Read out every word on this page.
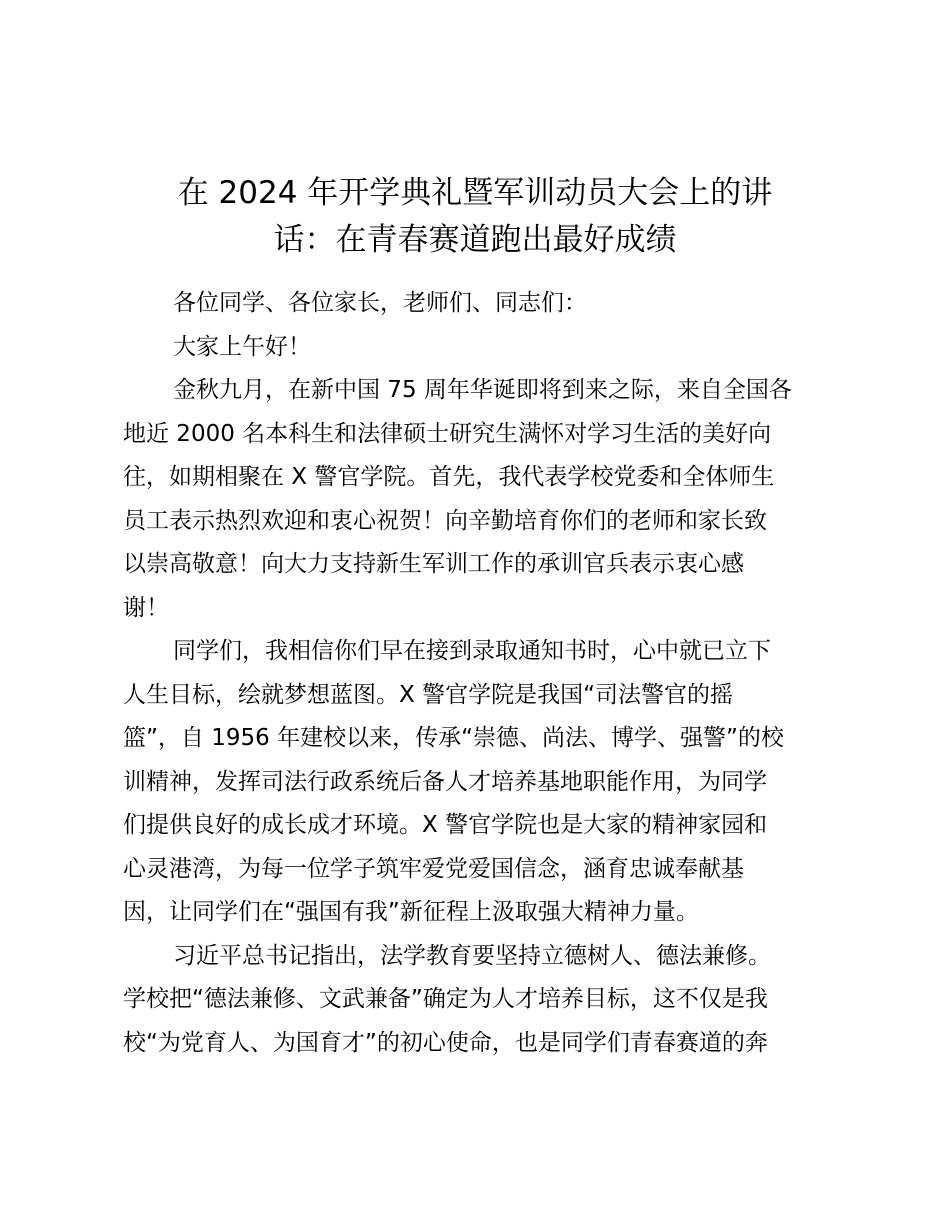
在 2024 年开学典礼暨军训动员大会上的讲
话：在青春赛道跑出最好成绩
各位同学、各位家长，老师们、同志们：
大家上午好！
金秋九月，在新中国 75 周年华诞即将到来之际，来自全国各
地近 2000 名本科生和法律硕士研究生满怀对学习生活的美好向
往，如期相聚在 X 警官学院。首先，我代表学校党委和全体师生
员工表示热烈欢迎和衷心祝贺！向辛勤培育你们的老师和家长致
以崇高敬意！向大力支持新生军训工作的承训官兵表示衷心感
谢！
同学们，我相信你们早在接到录取通知书时，心中就已立下
人生目标，绘就梦想蓝图。X 警官学院是我国“司法警官的摇
篮”，自 1956 年建校以来，传承“崇德、尚法、博学、强警”的校
训精神，发挥司法行政系统后备人才培养基地职能作用，为同学
们提供良好的成长成才环境。X 警官学院也是大家的精神家园和
心灵港湾，为每一位学子筑牢爱党爱国信念，涵育忠诚奉献基
因，让同学们在“强国有我”新征程上汲取强大精神力量。
习近平总书记指出，法学教育要坚持立德树人、德法兼修。
学校把“德法兼修、文武兼备”确定为人才培养目标，这不仅是我
校“为党育人、为国育才”的初心使命，也是同学们青春赛道的奔
